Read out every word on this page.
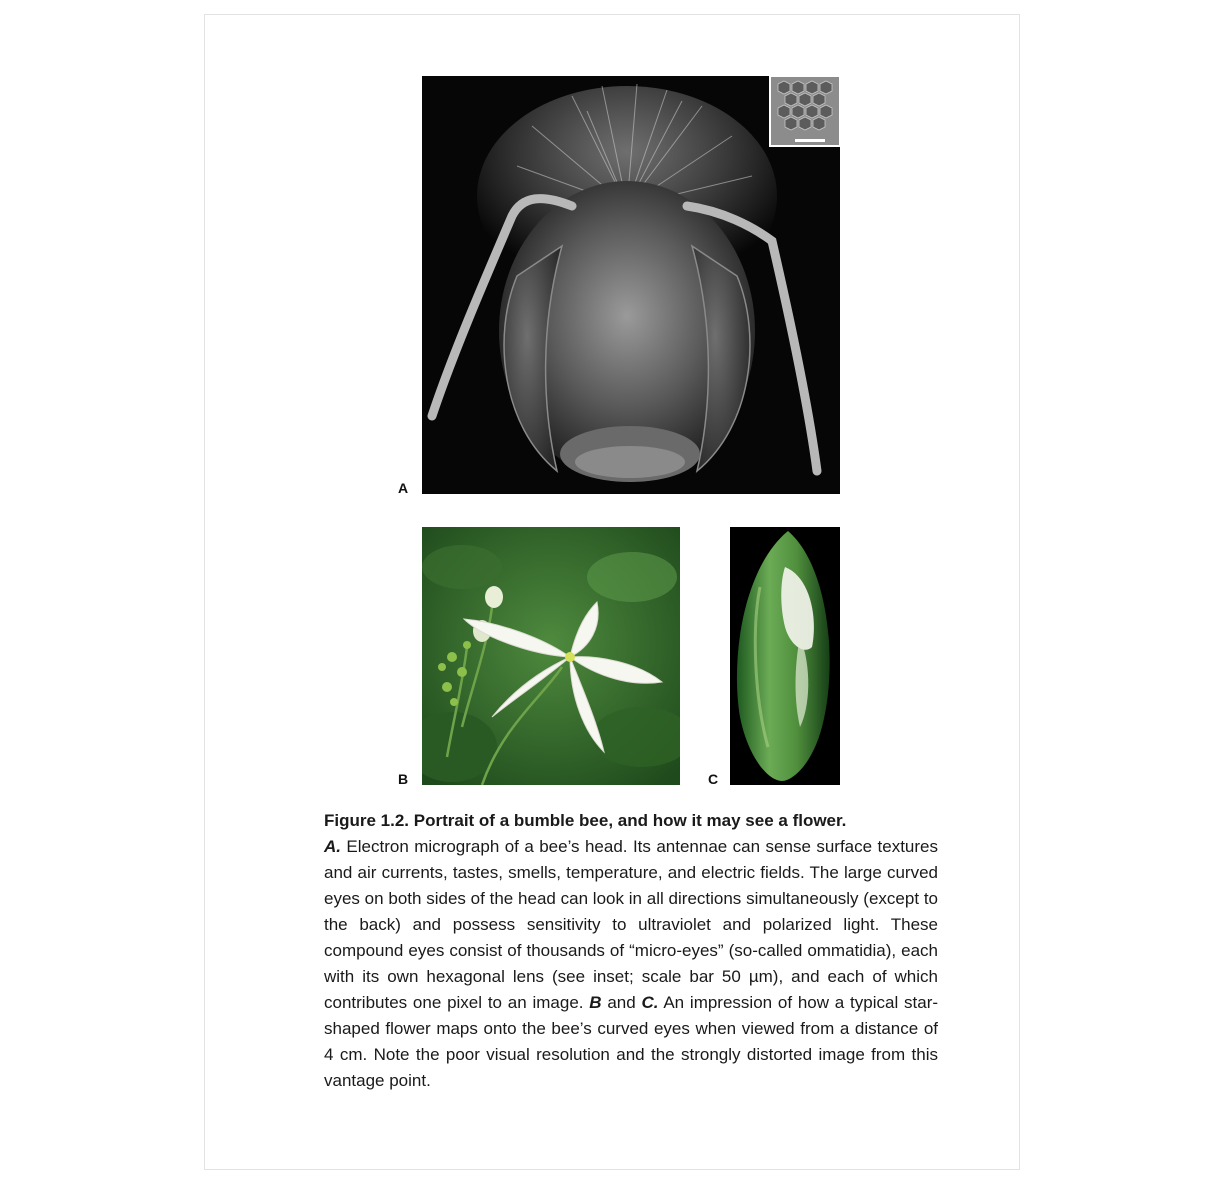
A
B	C
Figure 1.2. Portrait of a bumble bee, and how it may see a flower.
A. Electron micrograph of a bee’s head. Its antennae can sense surface textures and air currents, tastes, smells, temperature, and electric fields. The large curved eyes on both sides of the head can look in all directions simultaneously (except to the back) and possess sensitivity to ultraviolet and polarized light. These compound eyes consist of thousands of “micro-eyes” (so-called ommatidia), each with its own hexagonal lens (see inset; scale bar 50 µm), and each of which contributes one pixel to an image. B and C. An impression of how a typical star-shaped flower maps onto the bee’s curved eyes when viewed from a distance of 4 cm. Note the poor visual resolution and the strongly distorted image from this vantage point.
